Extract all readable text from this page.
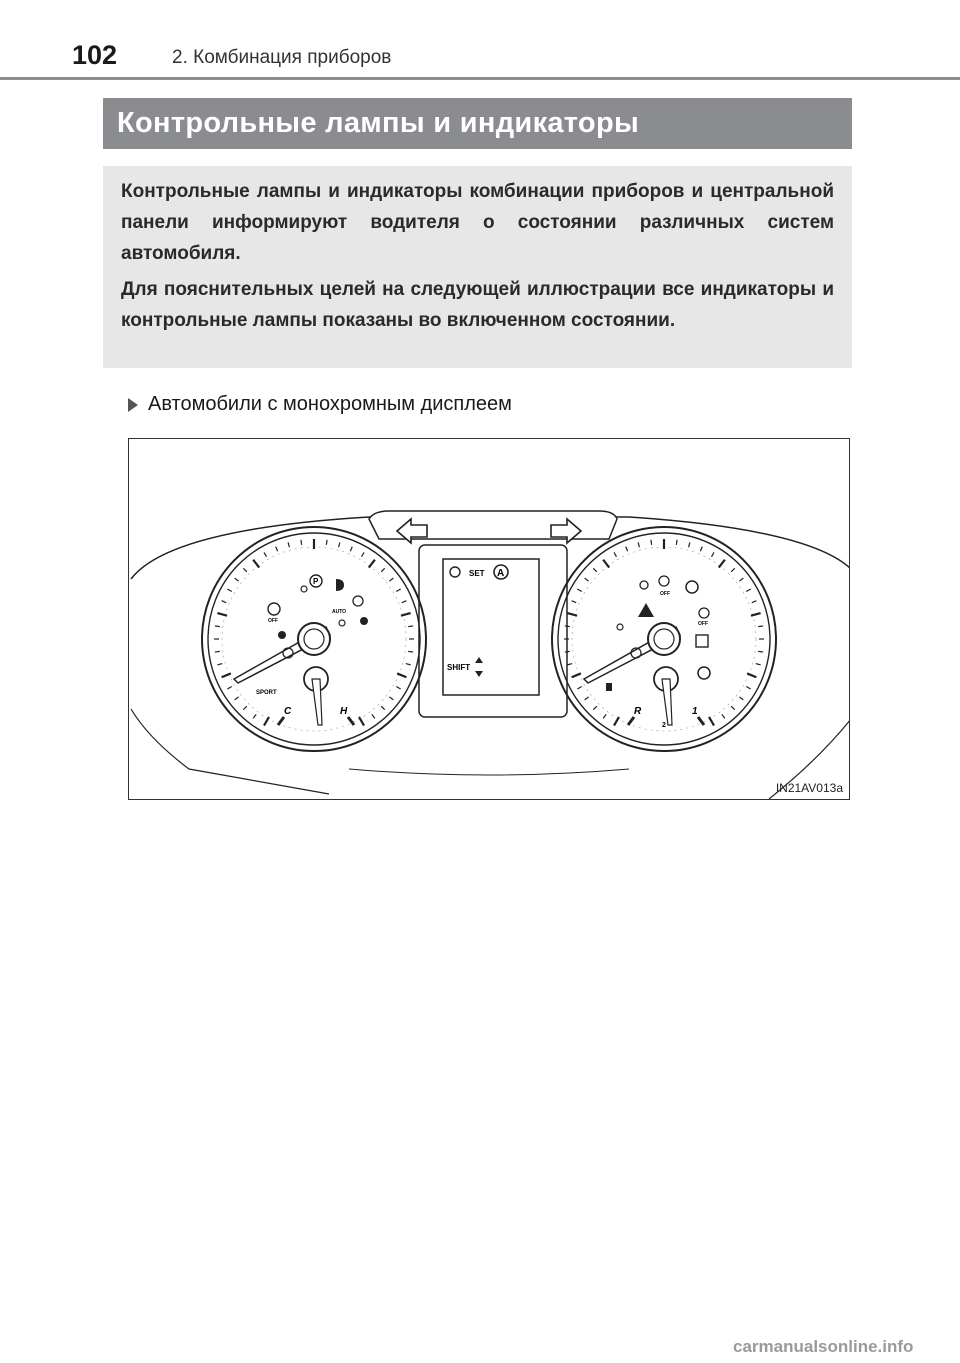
102	2. Комбинация приборов
Контрольные лампы и индикаторы

Контрольные лампы и индикаторы комбинации приборов и центральной панели информируют водителя о состоянии различных систем автомобиля.

Для пояснительных целей на следующей иллюстрации все индикаторы и контрольные лампы показаны во включенном состоянии.

Автомобили с монохромным дисплеем
SET A
SHIFT
C	H
SPORT
P
OFF
AUTO
R	1
2
OFF
OFF
IN21AV013a
carmanualsonline.info
